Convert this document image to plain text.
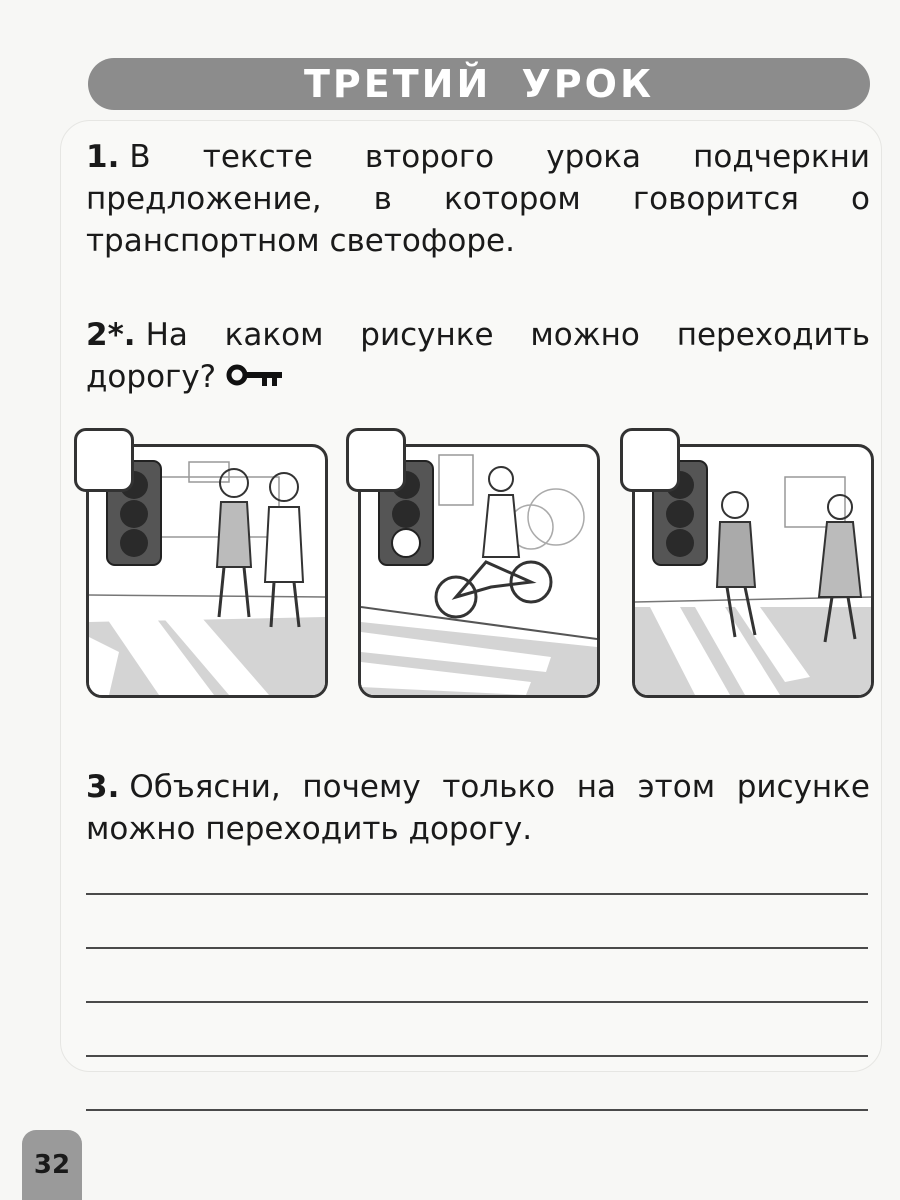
ТРЕТИЙ УРОК
1. В тексте второго урока подчеркни предложение, в котором говорится о транспортном светофоре.
2*. На каком рисунке можно переходить дорогу?
3. Объясни, почему только на этом рисунке можно переходить дорогу.
32
